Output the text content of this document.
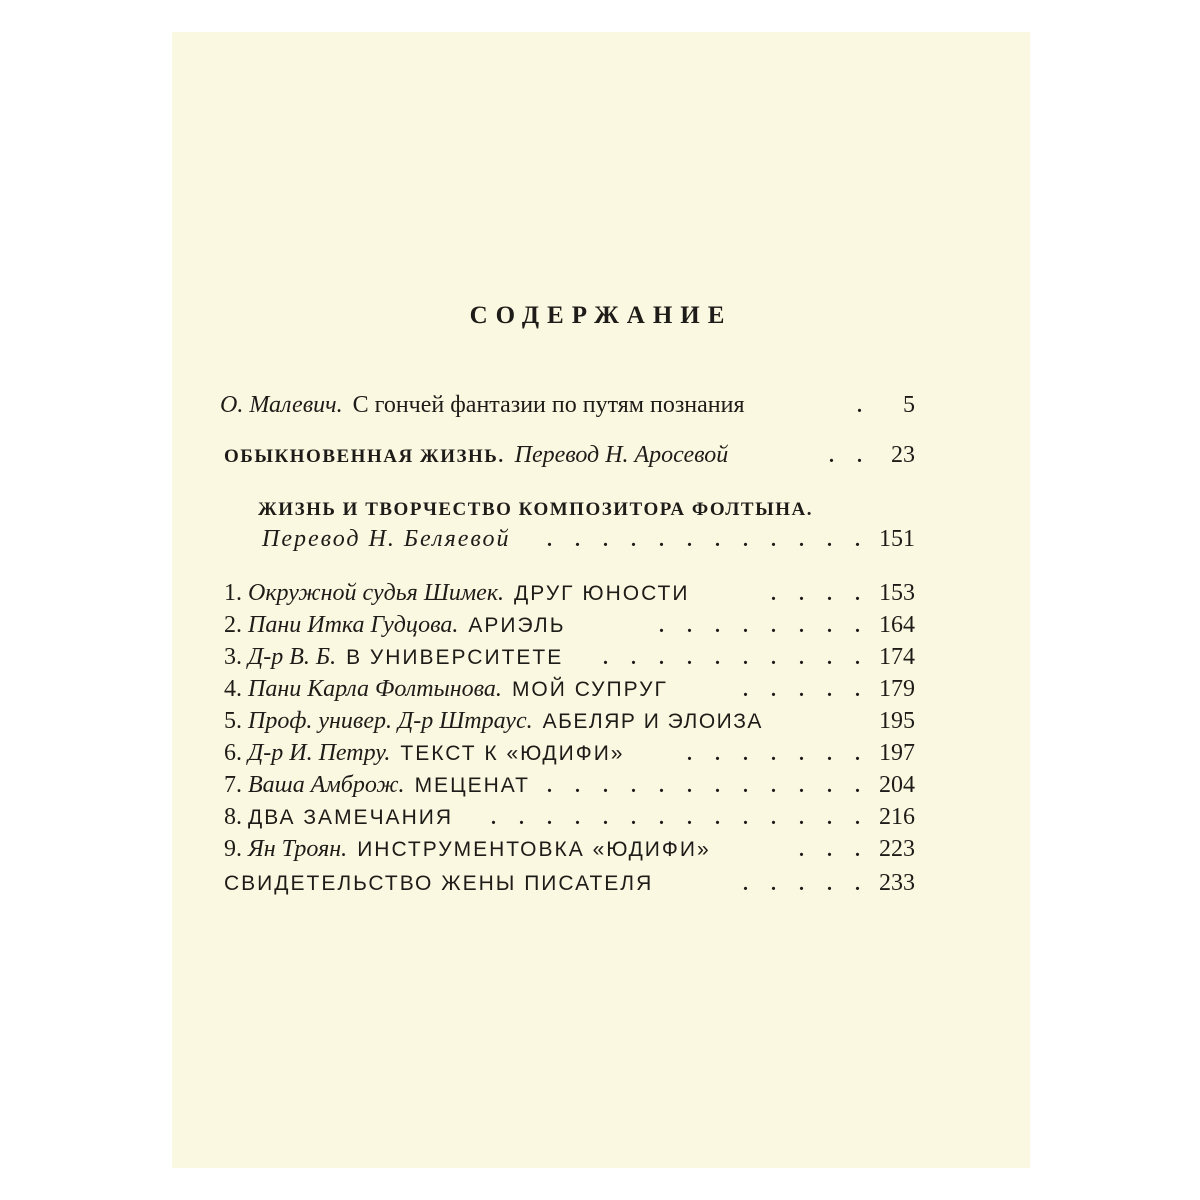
СОДЕРЖАНИЕ
О. Малевич. С гончей фантазии по путям познания	.	5
ОБЫКНОВЕННАЯ ЖИЗНЬ. Перевод Н. Аросевой	. . 23
ЖИЗНЬ И ТВОРЧЕСТВО КОМПОЗИТОРА ФОЛТЫНА.
Перевод Н. Беляевой	. . . . . . . . . . . . 151
1. Окружной судья Шимек. ДРУГ ЮНОСТИ	. . . . 153
2. Пани Итка Гудцова. АРИЭЛЬ	. . . . . . . . 164
3. Д-р В. Б. В УНИВЕРСИТЕТЕ	. . . . . . . . . . 174
4. Пани Карла Фолтынова. МОЙ СУПРУГ	. . . . . 179
5. Проф. универ. Д-р Штраус. АБЕЛЯР И ЭЛОИЗА	195
6. Д-р И. Петру. ТЕКСТ К «ЮДИФИ»	. . . . . . . 197
7. Ваша Амброж. МЕЦЕНАТ . . . . . . . . . . . . 204
8. ДВА ЗАМЕЧАНИЯ	. . . . . . . . . . . . . . 216
9. Ян Троян. ИНСТРУМЕНТОВКА «ЮДИФИ»	. . . 223
СВИДЕТЕЛЬСТВО ЖЕНЫ ПИСАТЕЛЯ	. . . . . 233
